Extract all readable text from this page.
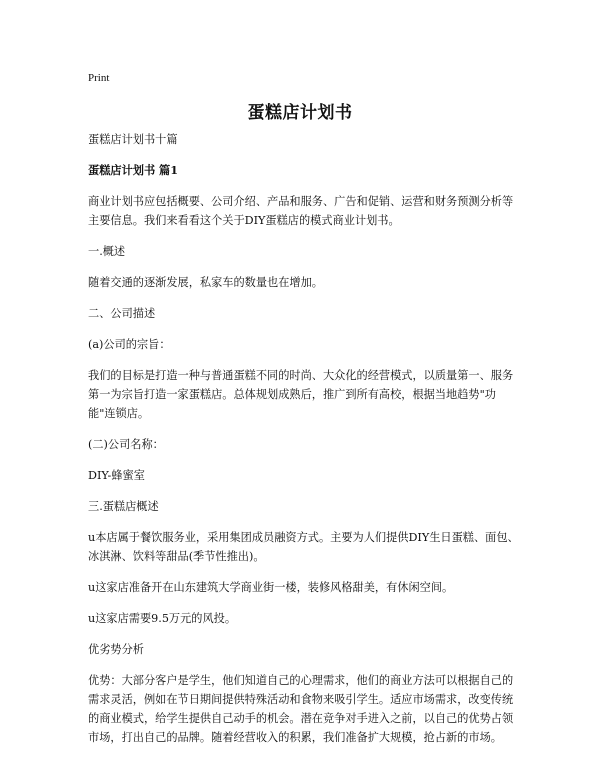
Print
蛋糕店计划书

蛋糕店计划书十篇

蛋糕店计划书 篇1

商业计划书应包括概要、公司介绍、产品和服务、广告和促销、运营和财务预测分析等主要信息。我们来看看这个关于DIY蛋糕店的模式商业计划书。

一.概述

随着交通的逐渐发展，私家车的数量也在增加。

二、公司描述

(a)公司的宗旨：

我们的目标是打造一种与普通蛋糕不同的时尚、大众化的经营模式，以质量第一、服务第一为宗旨打造一家蛋糕店。总体规划成熟后，推广到所有高校，根据当地趋势"功能"连锁店。

(二)公司名称：

DIY-蜂蜜室

三.蛋糕店概述

u本店属于餐饮服务业，采用集团成员融资方式。主要为人们提供DIY生日蛋糕、面包、冰淇淋、饮料等甜品(季节性推出)。

u这家店准备开在山东建筑大学商业街一楼，装修风格甜美，有休闲空间。

u这家店需要9.5万元的风投。

优劣势分析

优势：大部分客户是学生，他们知道自己的心理需求，他们的商业方法可以根据自己的需求灵活，例如在节日期间提供特殊活动和食物来吸引学生。适应市场需求，改变传统的商业模式，给学生提供自己动手的机会。潜在竞争对手进入之前，以自己的优势占领市场，打出自己的品牌。随着经营收入的积累，我们准备扩大规模，抢占新的市场。
